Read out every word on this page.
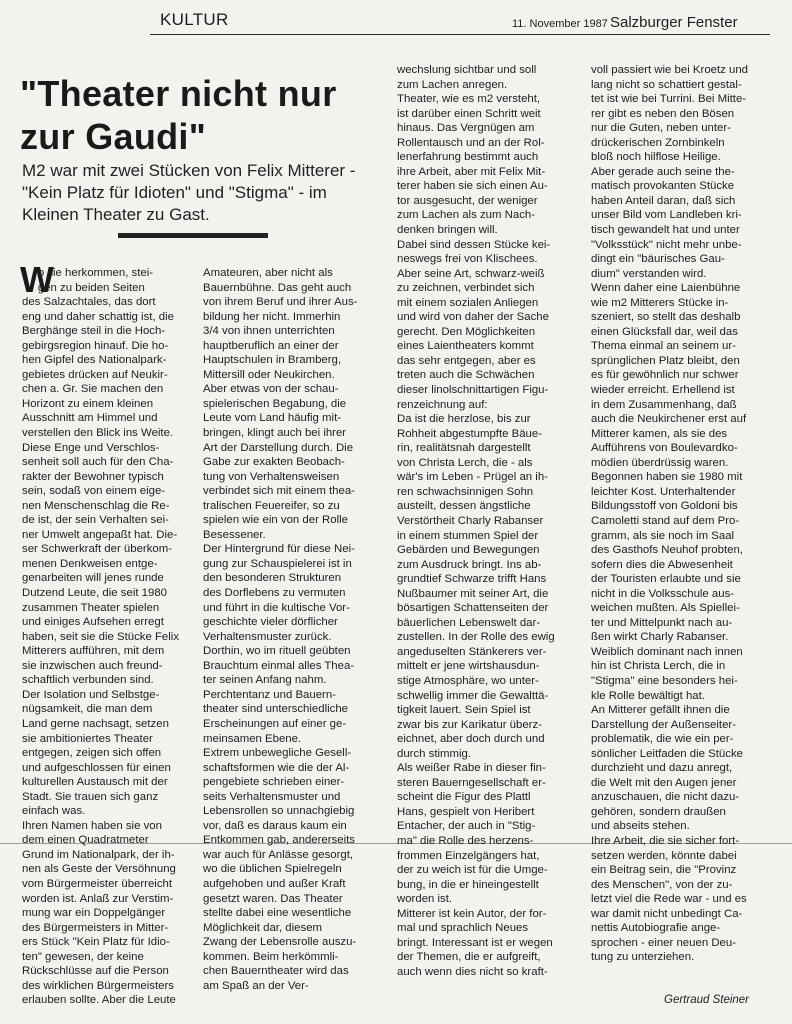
KULTUR	11. November 1987 Salzburger Fenster
"Theater nicht nur zur Gaudi"
M2 war mit zwei Stücken von Felix Mitterer - "Kein Platz für Idioten" und "Stigma" - im Kleinen Theater zu Gast.
W

o sie herkommen, stei-

gen zu beiden Seiten

des Salzachtales, das dort

eng und daher schattig ist, die

Berghänge steil in die Hoch-

gebirgsregion hinauf. Die ho-

hen Gipfel des Nationalpark-

gebietes drücken auf Neukir-

chen a. Gr. Sie machen den

Horizont zu einem kleinen

Ausschnitt am Himmel und

verstellen den Blick ins Weite.

Diese Enge und Verschlos-

senheit soll auch für den Cha-

rakter der Bewohner typisch

sein, sodaß von einem eige-

nen Menschenschlag die Re-

de ist, der sein Verhalten sei-

ner Umwelt angepaßt hat. Die-

ser Schwerkraft der überkom-

menen Denkweisen entge-

genarbeiten will jenes runde

Dutzend Leute, die seit 1980

zusammen Theater spielen

und einiges Aufsehen erregt

haben, seit sie die Stücke Felix

Mitterers aufführen, mit dem

sie inzwischen auch freund-

schaftlich verbunden sind.

Der Isolation und Selbstge-

nügsamkeit, die man dem

Land gerne nachsagt, setzen

sie ambitioniertes Theater

entgegen, zeigen sich offen

und aufgeschlossen für einen

kulturellen Austausch mit der

Stadt. Sie trauen sich ganz

einfach was.

Ihren Namen haben sie von

dem einen Quadratmeter

Grund im Nationalpark, der ih-

nen als Geste der Versöhnung

vom Bürgermeister überreicht

worden ist. Anlaß zur Verstim-

mung war ein Doppelgänger

des Bürgermeisters in Mitter-

ers Stück "Kein Platz für Idio-

ten" gewesen, der keine

Rückschlüsse auf die Person

des wirklichen Bürgermeisters

erlauben sollte. Aber die Leute

Amateuren, aber nicht als

Bauernbühne. Das geht auch

von ihrem Beruf und ihrer Aus-

bildung her nicht. Immerhin

3/4 von ihnen unterrichten

hauptberuflich an einer der

Hauptschulen in Bramberg,

Mittersill oder Neukirchen.

Aber etwas von der schau-

spielerischen Begabung, die

Leute vom Land häufig mit-

bringen, klingt auch bei ihrer

Art der Darstellung durch. Die

Gabe zur exakten Beobach-

tung von Verhaltensweisen

verbindet sich mit einem thea-

tralischen Feuereifer, so zu

spielen wie ein von der Rolle

Besessener.

Der Hintergrund für diese Nei-

gung zur Schauspielerei ist in

den besonderen Strukturen

des Dorflebens zu vermuten

und führt in die kultische Vor-

geschichte vieler dörflicher

Verhaltensmuster zurück.

Dorthin, wo im rituell geübten

Brauchtum einmal alles Thea-

ter seinen Anfang nahm.

Perchtentanz und Bauern-

theater sind unterschiedliche

Erscheinungen auf einer ge-

meinsamen Ebene.

Extrem unbewegliche Gesell-

schaftsformen wie die der Al-

pengebiete schrieben einer-

seits Verhaltensmuster und

Lebensrollen so unnachgiebig

vor, daß es daraus kaum ein

Entkommen gab, andererseits

war auch für Anlässe gesorgt,

wo die üblichen Spielregeln

aufgehoben und außer Kraft

gesetzt waren. Das Theater

stellte dabei eine wesentliche

Möglichkeit dar, diesem

Zwang der Lebensrolle auszu-

kommen. Beim herkömmli-

chen Bauerntheater wird das

am Spaß an der Ver-

wechslung sichtbar und soll

zum Lachen anregen.

Theater, wie es m2 versteht,

ist darüber einen Schritt weit

hinaus. Das Vergnügen am

Rollentausch und an der Rol-

lenerfahrung bestimmt auch

ihre Arbeit, aber mit Felix Mit-

terer haben sie sich einen Au-

tor ausgesucht, der weniger

zum Lachen als zum Nach-

denken bringen will.

Dabei sind dessen Stücke kei-

neswegs frei von Klischees.

Aber seine Art, schwarz-weiß

zu zeichnen, verbindet sich

mit einem sozialen Anliegen

und wird von daher der Sache

gerecht. Den Möglichkeiten

eines Laientheaters kommt

das sehr entgegen, aber es

treten auch die Schwächen

dieser linolschnittartigen Figu-

renzeichnung auf:

Da ist die herzlose, bis zur

Rohheit abgestumpfte Bäue-

rin, realitätsnah dargestellt

von Christa Lerch, die - als

wär's im Leben - Prügel an ih-

ren schwachsinnigen Sohn

austeilt, dessen ängstliche

Verstörtheit Charly Rabanser

in einem stummen Spiel der

Gebärden und Bewegungen

zum Ausdruck bringt. Ins ab-

grundtief Schwarze trifft Hans

Nußbaumer mit seiner Art, die

bösartigen Schattenseiten der

bäuerlichen Lebenswelt dar-

zustellen. In der Rolle des ewig

angeduselten Stänkerers ver-

mittelt er jene wirtshausdun-

stige Atmosphäre, wo unter-

schwellig immer die Gewalttä-

tigkeit lauert. Sein Spiel ist

zwar bis zur Karikatur überz-

eichnet, aber doch durch und

durch stimmig.

Als weißer Rabe in dieser fin-

steren Bauerngesellschaft er-

scheint die Figur des Plattl

Hans, gespielt von Heribert

Entacher, der auch in "Stig-

ma" die Rolle des herzens-

frommen Einzelgängers hat,

der zu weich ist für die Umge-

bung, in die er hineingestellt

worden ist.

Mitterer ist kein Autor, der for-

mal und sprachlich Neues

bringt. Interessant ist er wegen

der Themen, die er aufgreift,

auch wenn dies nicht so kraft-

voll passiert wie bei Kroetz und

lang nicht so schattiert gestal-

tet ist wie bei Turrini. Bei Mitte-

rer gibt es neben den Bösen

nur die Guten, neben unter-

drückerischen Zornbinkeln

bloß noch hilflose Heilige.

Aber gerade auch seine the-

matisch provokanten Stücke

haben Anteil daran, daß sich

unser Bild vom Landleben kri-

tisch gewandelt hat und unter

"Volksstück" nicht mehr unbe-

dingt ein "bäurisches Gau-

dium" verstanden wird.

Wenn daher eine Laienbühne

wie m2 Mitterers Stücke in-

szeniert, so stellt das deshalb

einen Glücksfall dar, weil das

Thema einmal an seinem ur-

sprünglichen Platz bleibt, den

es für gewöhnlich nur schwer

wieder erreicht. Erhellend ist

in dem Zusammenhang, daß

auch die Neukirchener erst auf

Mitterer kamen, als sie des

Aufführens von Boulevardko-

mödien überdrüssig waren.

Begonnen haben sie 1980 mit

leichter Kost. Unterhaltender

Bildungsstoff von Goldoni bis

Camoletti stand auf dem Pro-

gramm, als sie noch im Saal

des Gasthofs Neuhof probten,

sofern dies die Abwesenheit

der Touristen erlaubte und sie

nicht in die Volksschule aus-

weichen mußten. Als Spiellei-

ter und Mittelpunkt nach au-

ßen wirkt Charly Rabanser.

Weiblich dominant nach innen

hin ist Christa Lerch, die in

"Stigma" eine besonders hei-

kle Rolle bewältigt hat.

An Mitterer gefällt ihnen die

Darstellung der Außenseiter-

problematik, die wie ein per-

sönlicher Leitfaden die Stücke

durchzieht und dazu anregt,

die Welt mit den Augen jener

anzuschauen, die nicht dazu-

gehören, sondern draußen

und abseits stehen.

Ihre Arbeit, die sie sicher fort-

setzen werden, könnte dabei

ein Beitrag sein, die "Provinz

des Menschen", von der zu-

letzt viel die Rede war - und es

war damit nicht unbedingt Ca-

nettis Autobiografie ange-

sprochen - einer neuen Deu-

tung zu unterziehen.

Gertraud Steiner
